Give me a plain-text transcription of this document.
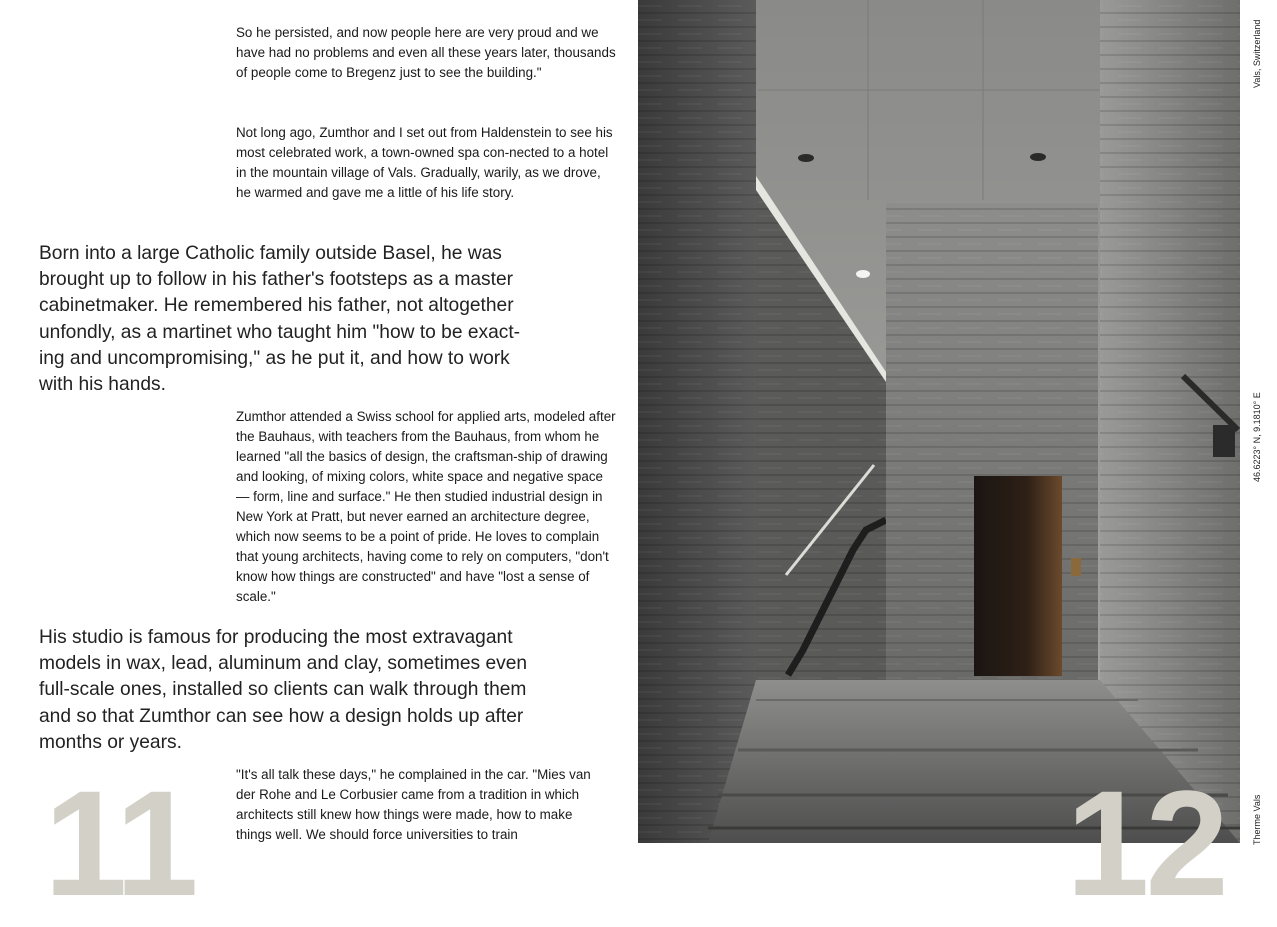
So he persisted, and now people here are very proud and we have had no problems and even all these years later, thousands of people come to Bregenz just to see the building."

Not long ago, Zumthor and I set out from Haldenstein to see his most celebrated work, a town-owned spa con-nected to a hotel in the mountain village of Vals. Gradually, warily, as we drove, he warmed and gave me a little of his life story.

Born into a large Catholic family outside Basel, he was brought up to follow in his father's footsteps as a master cabinetmaker. He remembered his father, not altogether unfondly, as a martinet who taught him "how to be exact-ing and uncompromising," as he put it, and how to work with his hands.

Zumthor attended a Swiss school for applied arts, modeled after the Bauhaus, with teachers from the Bauhaus, from whom he learned "all the basics of design, the craftsman-ship of drawing and looking, of mixing colors, white space and negative space — form, line and surface." He then studied industrial design in New York at Pratt, but never earned an architecture degree, which now seems to be a point of pride. He loves to complain that young architects, having come to rely on computers, "don't know how things are constructed" and have "lost a sense of scale."

His studio is famous for producing the most extravagant models in wax, lead, aluminum and clay, sometimes even full-scale ones, installed so clients can walk through them and so that Zumthor can see how a design holds up after months or years.

"It's all talk these days," he complained in the car. "Mies van der Rohe and Le Corbusier came from a tradition in which architects still knew how things were made, how to make things well. We should force universities to train

11	12
Vals, Switzerland
46.6223° N, 9.1810° E
Therme Vals
